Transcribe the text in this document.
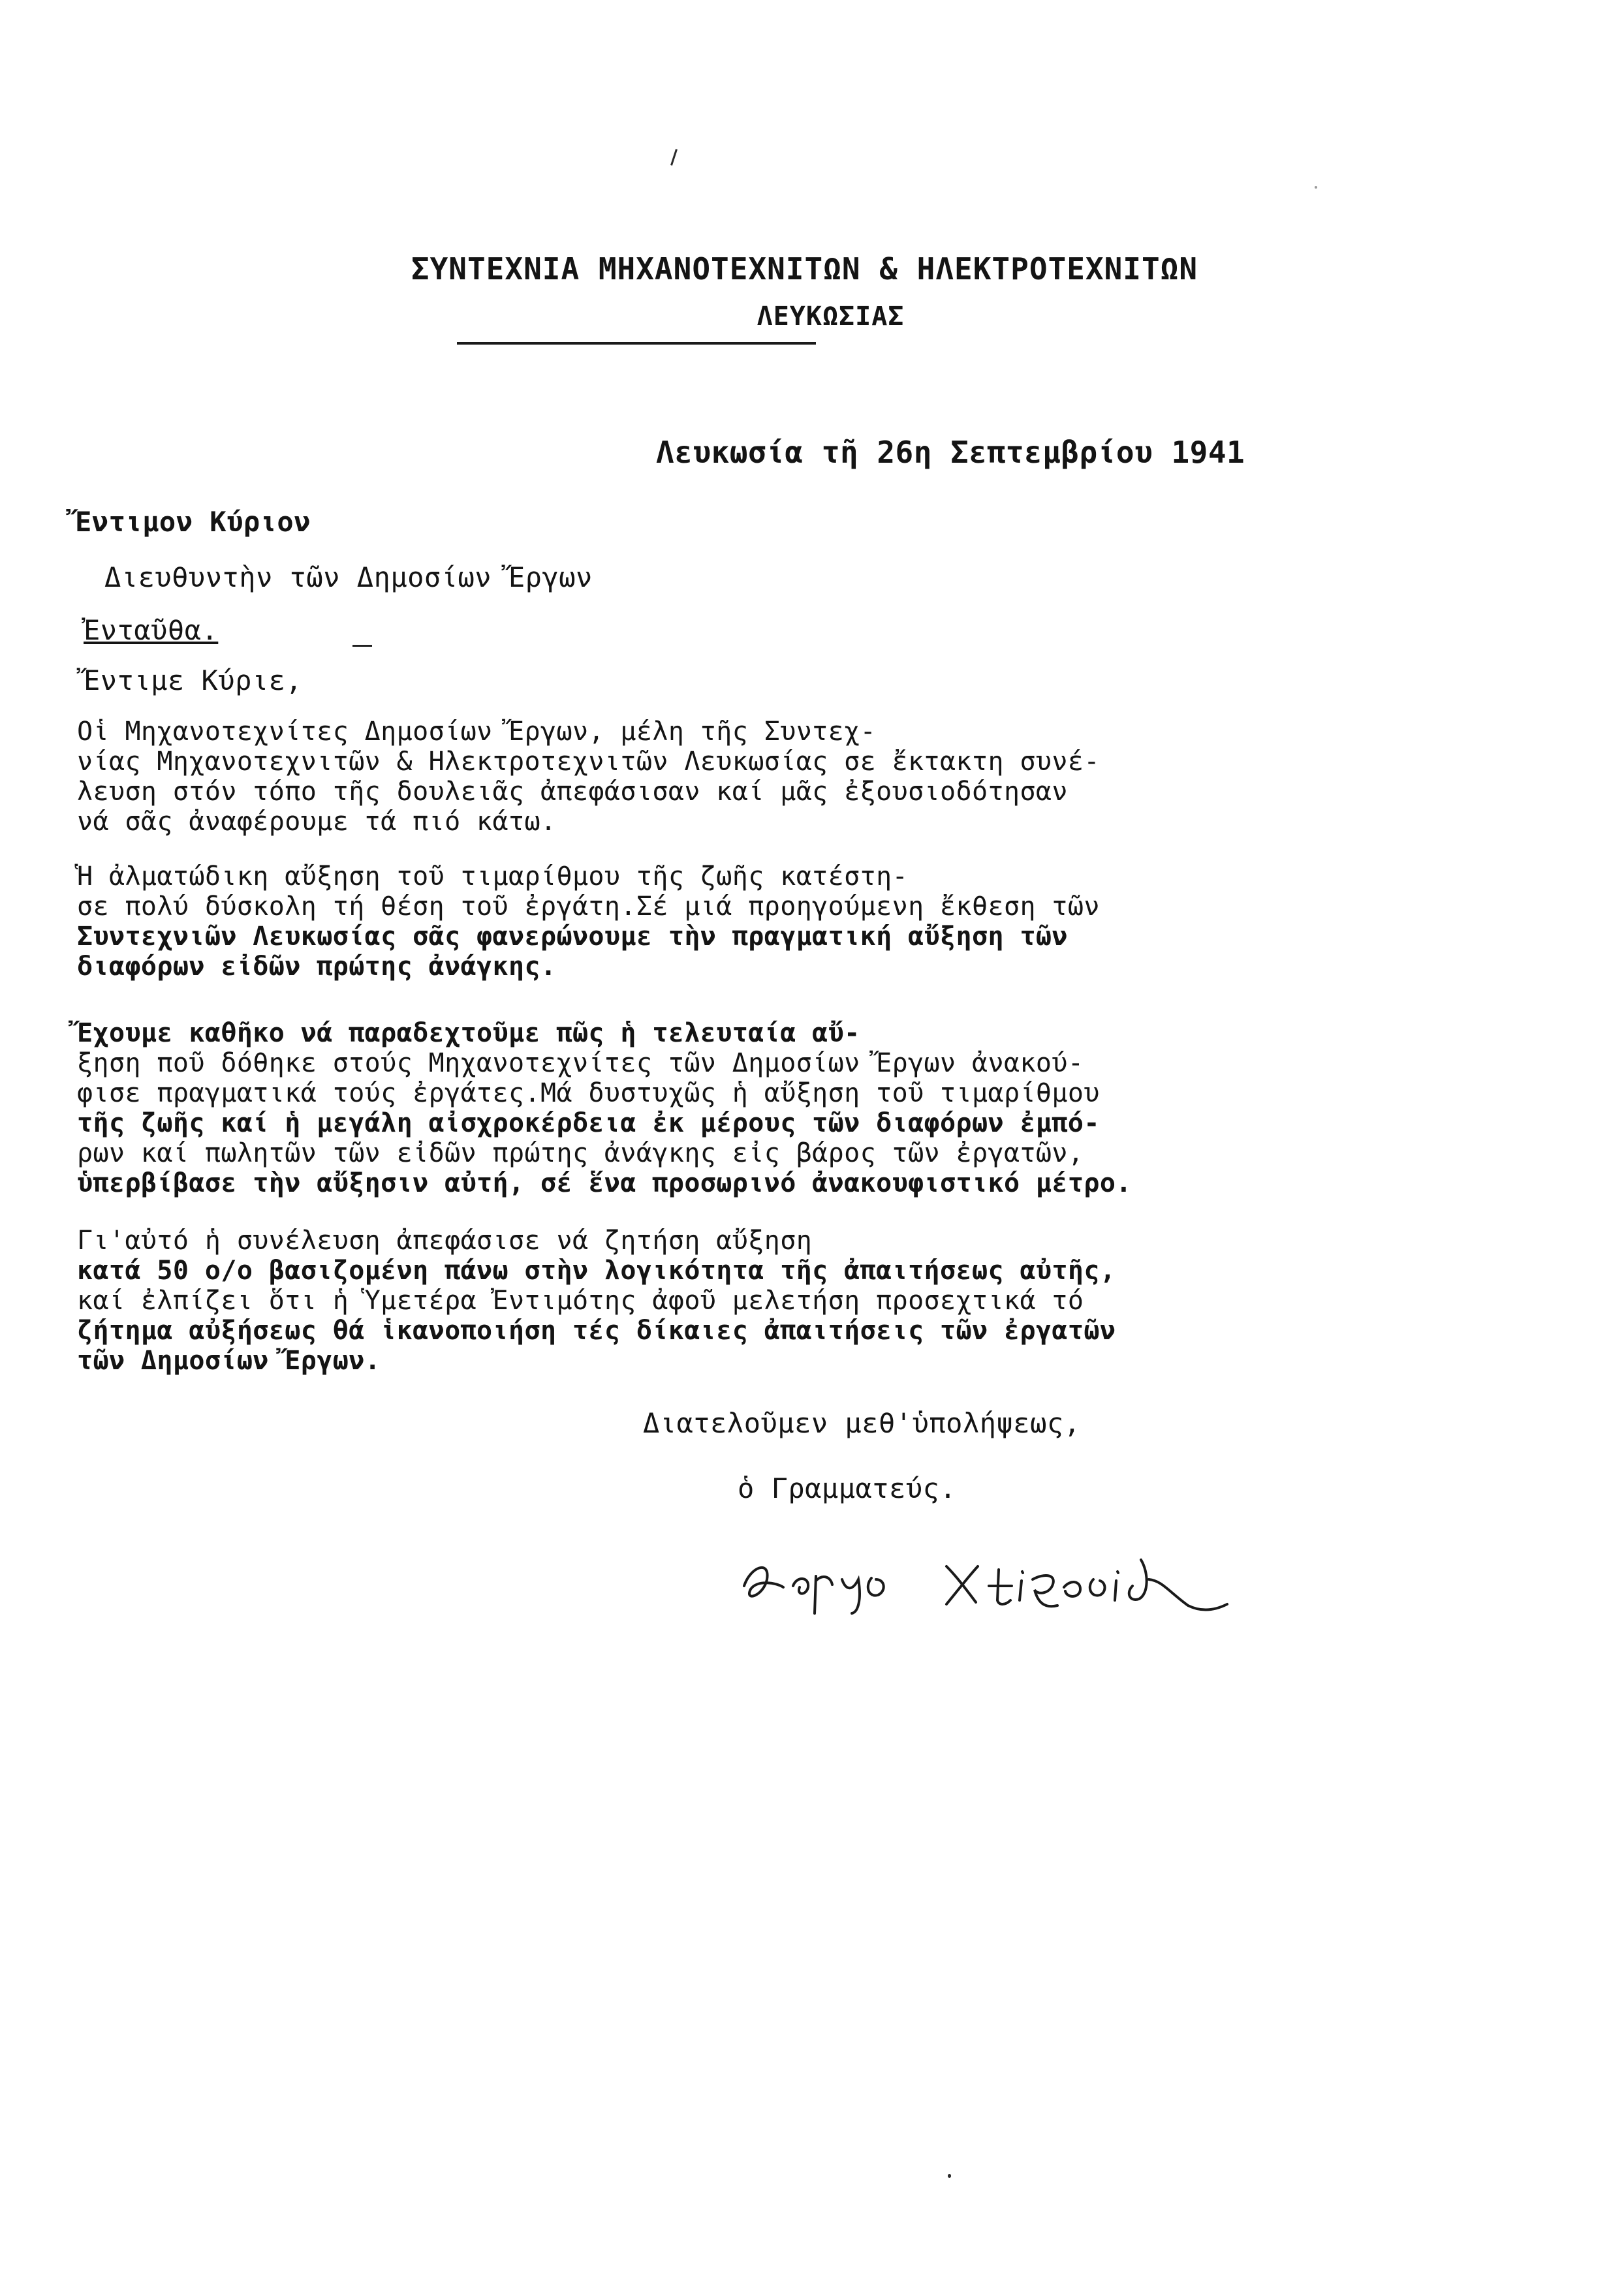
ΣΥΝΤΕΧΝΙΑ ΜΗΧΑΝΟΤΕΧΝΙΤΩΝ & ΗΛΕΚΤΡΟΤΕΧΝΙΤΩΝ
ΛΕΥΚΩΣΙΑΣ
Λευκωσία τῆ 26η Σεπτεμβρίου 1941
Ἔντιμον Κύριον
Διευθυντὴν τῶν Δημοσίων Ἔργων
Ἐνταῦθα.
Ἔντιμε Κύριε,
Οἱ Μηχανοτεχνίτες Δημοσίων Ἔργων, μέλη τῆς Συντεχ-
νίας Μηχανοτεχνιτῶν & Ηλεκτροτεχνιτῶν Λευκωσίας σε ἔκτακτη συνέ-
λευση στόν τόπο τῆς δουλειᾶς ἀπεφάσισαν καί μᾶς ἐξουσιοδότησαν
νά σᾶς ἀναφέρουμε τά πιό κάτω.
Ἡ ἀλματώδικη αὔξηση τοῦ τιμαρίθμου τῆς ζωῆς κατέστη-
σε πολύ δύσκολη τή θέση τοῦ ἐργάτη.Σέ μιά προηγούμενη ἔκθεση τῶν
Συντεχνιῶν Λευκωσίας σᾶς φανερώνουμε τὴν πραγματική αὔξηση τῶν
διαφόρων εἰδῶν πρώτης ἀνάγκης.
Ἔχουμε καθῆκο νά παραδεχτοῦμε πῶς ἡ τελευταία αὔ-
ξηση ποῦ δόθηκε στούς Μηχανοτεχνίτες τῶν Δημοσίων Ἔργων ἀνακού-
φισε πραγματικά τούς ἐργάτες.Μά δυστυχῶς ἡ αὔξηση τοῦ τιμαρίθμου
τῆς ζωῆς καί ἡ μεγάλη αἰσχροκέρδεια ἐκ μέρους τῶν διαφόρων ἐμπό-
ρων καί πωλητῶν τῶν εἰδῶν πρώτης ἀνάγκης εἰς βάρος τῶν ἐργατῶν,
ὑπερβίβασε τὴν αὔξησιν αὐτή, σέ ἕνα προσωρινό ἀνακουφιστικό μέτρο.
Γι'αὐτό ἡ συνέλευση ἀπεφάσισε νά ζητήση αὔξηση
κατά 50 ο/ο βασιζομένη πάνω στὴν λογικότητα τῆς ἀπαιτήσεως αὐτῆς,
καί ἐλπίζει ὅτι ἡ Ὑμετέρα Ἐντιμότης ἀφοῦ μελετήση προσεχτικά τό
ζήτημα αὐξήσεως θά ἱκανοποιήση τές δίκαιες ἀπαιτήσεις τῶν ἐργατῶν
τῶν Δημοσίων Ἔργων.
Διατελοῦμεν μεθ'ὑπολήψεως,
ὁ Γραμματεύς.
